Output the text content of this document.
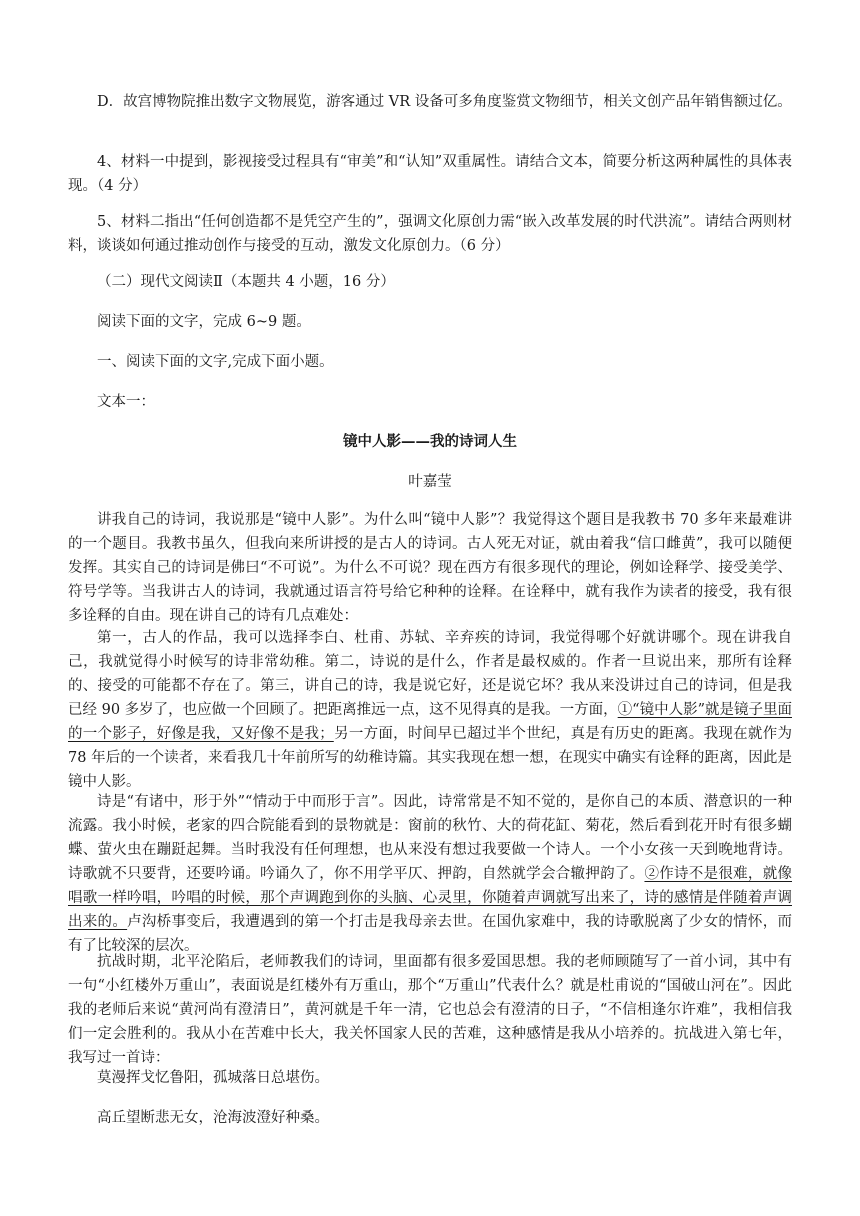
D．故宫博物院推出数字文物展览，游客通过 VR 设备可多角度鉴赏文物细节，相关文创产品年销售额过亿。

4、材料一中提到，影视接受过程具有“审美”和“认知”双重属性。请结合文本，简要分析这两种属性的具体表现。（4 分）

5、材料二指出“任何创造都不是凭空产生的”，强调文化原创力需“嵌入改革发展的时代洪流”。请结合两则材料，谈谈如何通过推动创作与接受的互动，激发文化原创力。（6 分）

（二）现代文阅读Ⅱ（本题共 4 小题，16 分）

阅读下面的文字，完成 6~9 题。

一、阅读下面的文字,完成下面小题。

文本一：

镜中人影——我的诗词人生

叶嘉莹

讲我自己的诗词，我说那是“镜中人影”。为什么叫“镜中人影”？我觉得这个题目是我教书 70 多年来最难讲的一个题目。我教书虽久，但我向来所讲授的是古人的诗词。古人死无对证，就由着我“信口雌黄”，我可以随便发挥。其实自己的诗词是佛曰“不可说”。为什么不可说？现在西方有很多现代的理论，例如诠释学、接受美学、符号学等。当我讲古人的诗词，我就通过语言符号给它种种的诠释。在诠释中，就有我作为读者的接受，我有很多诠释的自由。现在讲自己的诗有几点难处：

第一，古人的作品，我可以选择李白、杜甫、苏轼、辛弃疾的诗词，我觉得哪个好就讲哪个。现在讲我自己，我就觉得小时候写的诗非常幼稚。第二，诗说的是什么，作者是最权威的。作者一旦说出来，那所有诠释的、接受的可能都不存在了。第三，讲自己的诗，我是说它好，还是说它坏？我从来没讲过自己的诗词，但是我已经 90 多岁了，也应做一个回顾了。把距离推远一点，这不见得真的是我。一方面，①“镜中人影”就是镜子里面的一个影子，好像是我，又好像不是我；另一方面，时间早已超过半个世纪，真是有历史的距离。我现在就作为 78 年后的一个读者，来看我几十年前所写的幼稚诗篇。其实我现在想一想，在现实中确实有诠释的距离，因此是镜中人影。

诗是“有诸中，形于外”“情动于中而形于言”。因此，诗常常是不知不觉的，是你自己的本质、潜意识的一种流露。我小时候，老家的四合院能看到的景物就是：窗前的秋竹、大的荷花缸、菊花，然后看到花开时有很多蝴蝶、萤火虫在蹦跹起舞。当时我没有任何理想，也从来没有想过我要做一个诗人。一个小女孩一天到晚地背诗。诗歌就不只要背，还要吟诵。吟诵久了，你不用学平仄、押韵，自然就学会合辙押韵了。②作诗不是很难，就像唱歌一样吟唱，吟唱的时候，那个声调跑到你的头脑、心灵里，你随着声调就写出来了，诗的感情是伴随着声调出来的。卢沟桥事变后，我遭遇到的第一个打击是我母亲去世。在国仇家难中，我的诗歌脱离了少女的情怀，而有了比较深的层次。

抗战时期，北平沦陷后，老师教我们的诗词，里面都有很多爱国思想。我的老师顾随写了一首小词，其中有一句“小红楼外万重山”，表面说是红楼外有万重山，那个“万重山”代表什么？就是杜甫说的“国破山河在”。因此我的老师后来说“黄河尚有澄清日”，黄河就是千年一清，它也总会有澄清的日子，“不信相逢尔许难”，我相信我们一定会胜利的。我从小在苦难中长大，我关怀国家人民的苦难，这种感情是我从小培养的。抗战进入第七年，我写过一首诗：

莫漫挥戈忆鲁阳，孤城落日总堪伤。

高丘望断悲无女，沧海波澄好种桑。
